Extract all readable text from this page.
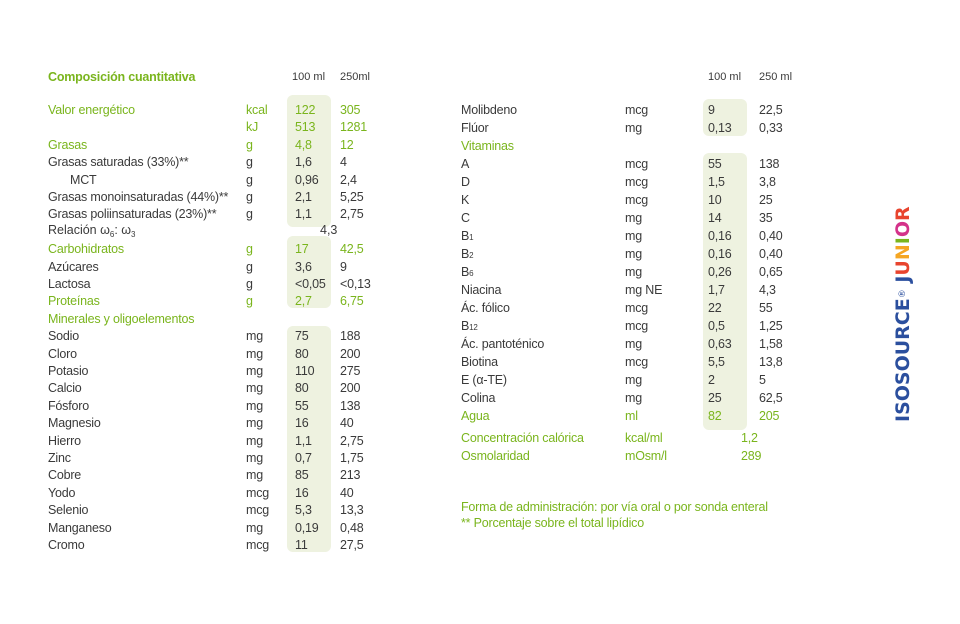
Composición cuantitativa	100 ml 250ml
Valor energético	kcal 122 305
kJ	513 1281
Grasas	g	4,8 12
Grasas saturadas (33%)**	g	1,6 4
MCT	g	0,96 2,4
Grasas monoinsaturadas (44%)** g	2,1 5,25
Grasas poliinsaturadas (23%)** g	1,1 2,75
Carbohidratos	g	17	42,5
Azúcares	g	3,6 9
Lactosa	g	<0,05 <0,13
Proteínas	g	2,7 6,75
Minerales y oligoelementos
Sodio	mg	75	188
Cloro	mg	80	200
Potasio	mg	110 275
Calcio	mg	80	200
Fósforo	mg	55	138
Magnesio	mg	16	40
Hierro	mg	1,1 2,75
Zinc	mg	0,7 1,75
Cobre	mg	85	213
Yodo	mcg 16	40
Selenio	mcg 5,3 13,3
Manganeso	mg	0,19 0,48
Cromo	mcg 11	27,5
Relación $\omega_6$: $\omega_3$	4,3
100 ml 250 ml
Molibdeno	mcg	9	22,5
Flúor	mg	0,13 0,33
Vitaminas
A	mcg	55	138
D	mcg	1,5	3,8
K	mcg	10	25
C	mg	14	35
B1	mg	0,16 0,40
B2	mg	0,16 0,40
B6	mg	0,26 0,65
Niacina	mg NE	1,7	4,3
Ác. fólico	mcg	22	55
B12	mcg	0,5	1,25
Ác. pantoténico	mg	0,63 1,58
Biotina	mcg	5,5	13,8
E (α-TE)	mg	2	5
Colina	mg	25	62,5
Agua	ml	82	205
Concentración calórica	kcal/ml	1,2
Osmolaridad	mOsm/l	289
Forma de administración: por vía oral o por sonda enteral
** Porcentaje sobre el total lipídico
ISOSOURCE® JUNIOR
